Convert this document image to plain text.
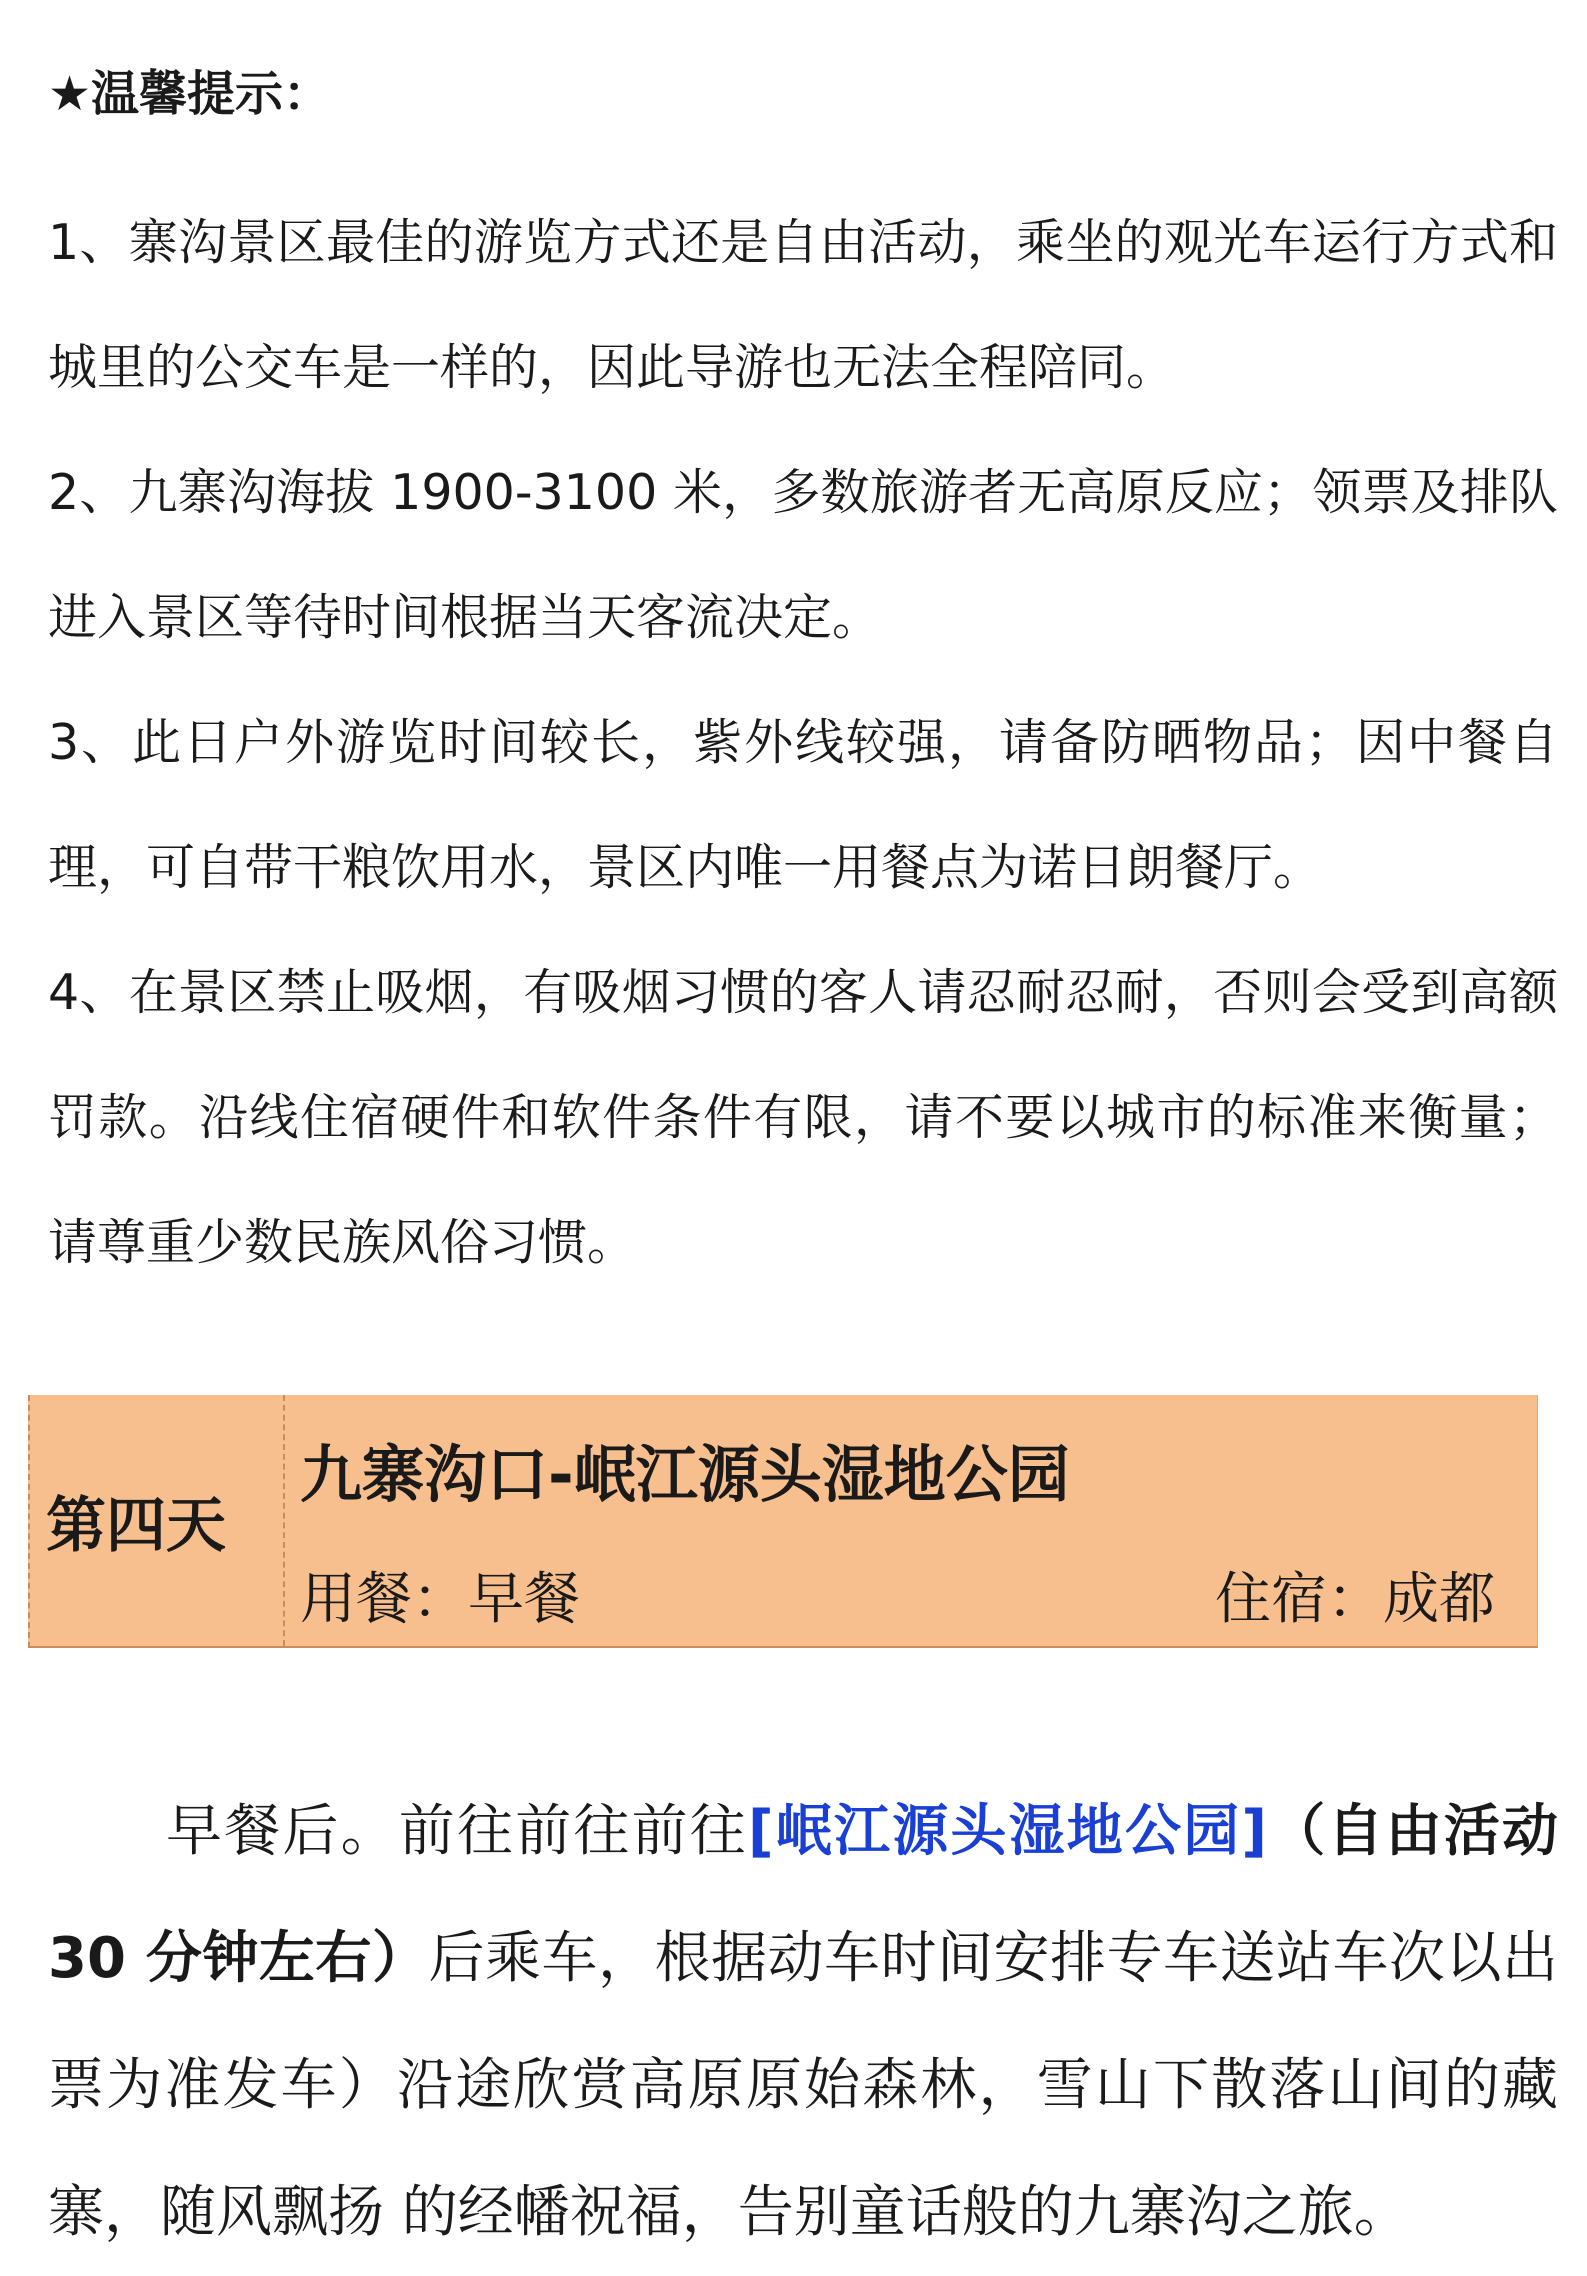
★温馨提示：

1、寨沟景区最佳的游览方式还是自由活动，乘坐的观光车运行方式和城里的公交车是一样的，因此导游也无法全程陪同。

2、九寨沟海拔 1900-3100 米，多数旅游者无高原反应；领票及排队进入景区等待时间根据当天客流决定。

3、此日户外游览时间较长，紫外线较强，请备防晒物品；因中餐自理，可自带干粮饮用水，景区内唯一用餐点为诺日朗餐厅。

4、在景区禁止吸烟，有吸烟习惯的客人请忍耐忍耐，否则会受到高额罚款。沿线住宿硬件和软件条件有限，请不要以城市的标准来衡量；请尊重少数民族风俗习惯。

第四天
九寨沟口-岷江源头湿地公园
用餐：早餐	住宿：成都

早餐后。前往前往前往[岷江源头湿地公园]（自由活动 30 分钟左右）后乘车，根据动车时间安排专车送站车次以出票为准发车）沿途欣赏高原原始森林，雪山下散落山间的藏寨，随风飘扬 的经幡祝福，告别童话般的九寨沟之旅。
